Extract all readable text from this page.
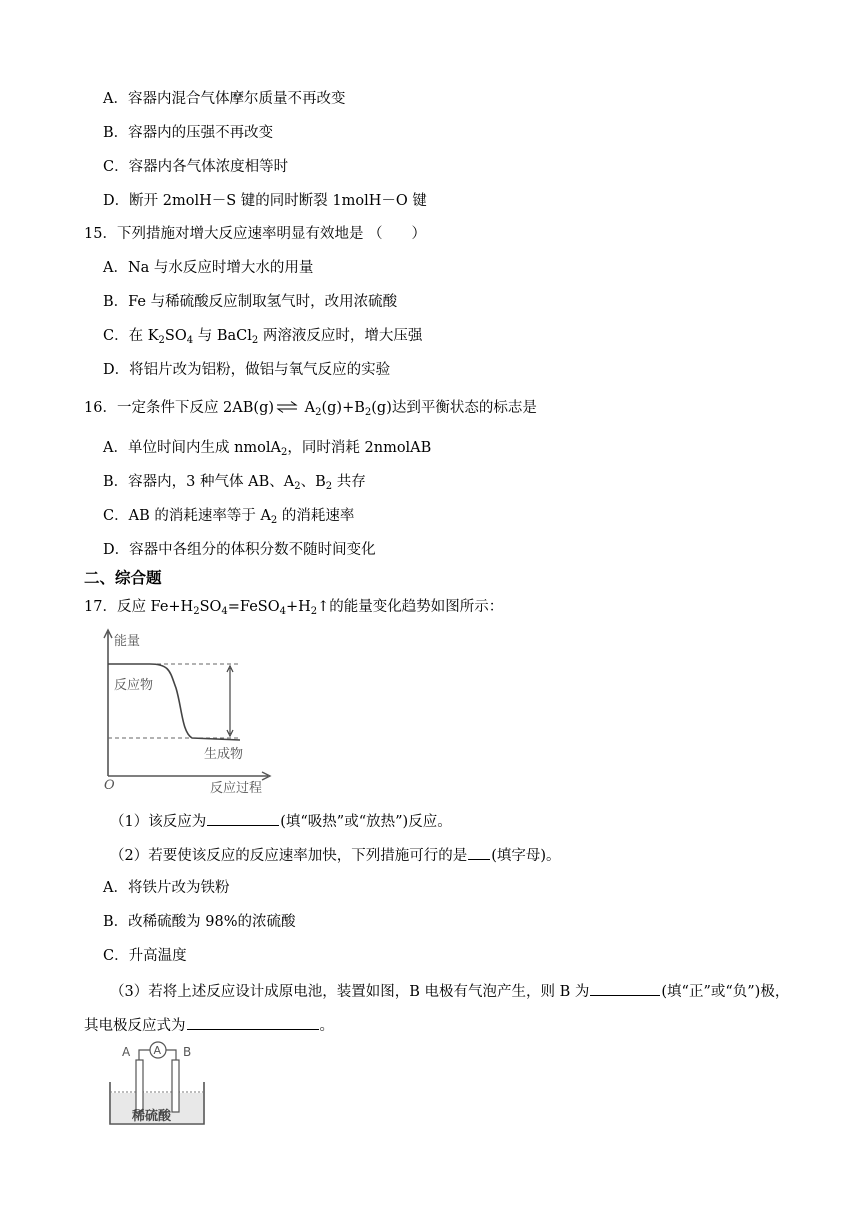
A．容器内混合气体摩尔质量不再改变
B．容器内的压强不再改变
C．容器内各气体浓度相等时
D．断开 2molH－S 键的同时断裂 1molH－O 键
15．下列措施对增大反应速率明显有效地是 （　　）
A．Na 与水反应时增大水的用量
B．Fe 与稀硫酸反应制取氢气时，改用浓硫酸
C．在 $K_2SO_4$ 与 BaCl$_2$ 两溶液反应时，增大压强
D．将铝片改为铝粉，做铝与氧气反应的实验
16．一定条件下反应 2AB(g) ⇌ $A_2(g)+B_2(g)$达到平衡状态的标志是
A．单位时间内生成 nmolA$_2$，同时消耗 2nmolAB
B．容器内，3 种气体 AB、$A_2$、$B_2$ 共存
C．AB 的消耗速率等于 $A_2$ 的消耗速率
D．容器中各组分的体积分数不随时间变化
二、综合题
17．反应 $Fe+H_2SO_4=FeSO_4+H_2↑$的能量变化趋势如图所示：
能量
反应物
生成物
O	反应过程
（1）该反应为	(填“吸热”或“放热”)反应。
（2）若要使该反应的反应速率加快，下列措施可行的是 (填字母)。
A．将铁片改为铁粉
B．改稀硫酸为 98%的浓硫酸
C．升高温度
（3）若将上述反应设计成原电池，装置如图，B 电极有气泡产生，则 B 为	(填“正”或“负”)极，
其电极反应式为	。
A
A	B
稀硫酸
